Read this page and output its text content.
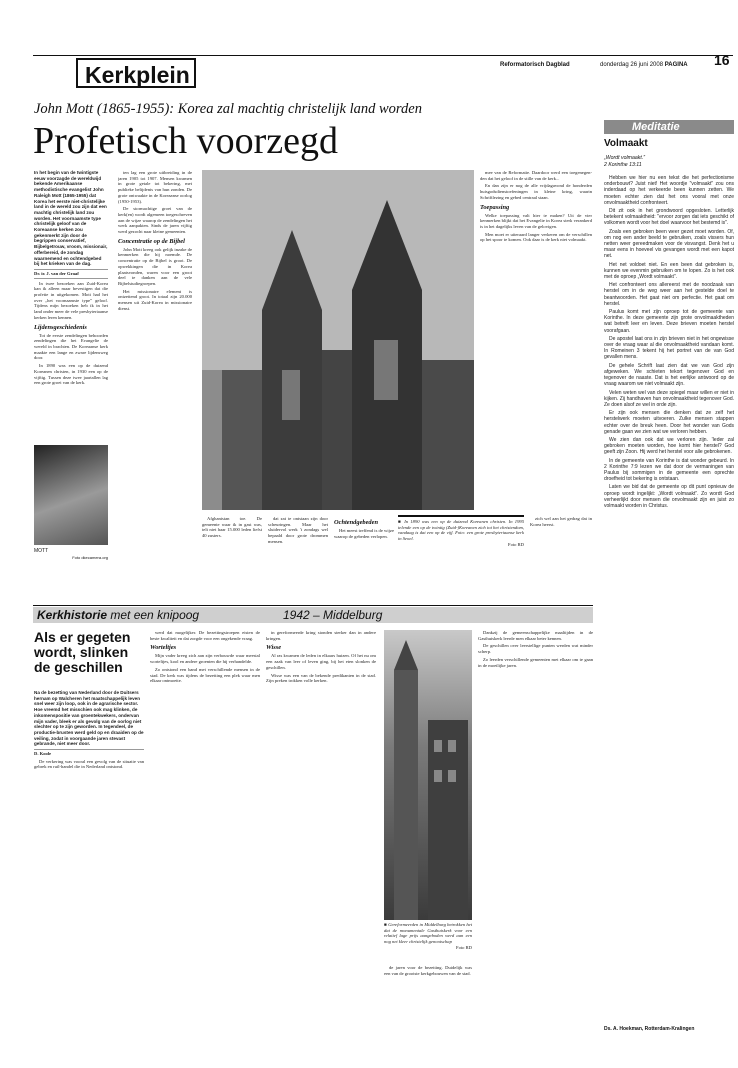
Kerkplein	Reformatorisch Dagblad	donderdag 26 juni 2008 PAGINA 16
John Mott (1865-1955): Korea zal machtig christelijk land worden
Profetisch voorzegd

In het begin van de twintigste eeuw voorzagde de wereldwijd bekende Amerikaanse methodistische evangelist John Raleigh Mott (1865-1955) dat Korea het eerste niet-christelijke land in de wereld zou zijn dat een machtig christelijk land zou worden. Het voornaamste type christelijk geloof van de Koreaanse kerken zou gekenmerkt zijn door de begrippen conservatief, Bijbelgetrouw, vroom, missionair, offerbereid, de zondag waarnemend en ochtendgebed bij het krieken van de dag.

Dr. ir. J. van der Graaf

In twee bezoeken aan Zuid-Korea kan ik alleen maar bevestigen dat die profetie in uitgekomen. Mott had het over „het voornaamste type” geloof. Tijdens mijn bezoeken heb ik in het land onder meer de vele presbyteriaanse kerken leren kennen.

Lijdensgeschiedenis

Tot de eerste zendelingen behoorden zendelingen die het Evangelie de wereld in brachten. De Koreaanse kerk maakte een lange en zware lijdensweg door.

In 1890 was een op de duizend Koreanen christen, in 1930 een op de vijftig. Tussen deze twee jaartallen lag een grote groei van de kerk.

ten lag een grote uitbreiding in de jaren 1905 tot 1907. Mensen kwamen in grote getale tot bekering, met publieke belijdenis van hun zonden. De grote ontwaakte in de Koreaanse oorlog (1950-1953).

De stormachtige groei van de kerk(en) wordt algemeen toegeschreven aan de wijze waarop de zendelingen het werk aanpakten. Sinds de jaren vijftig werd gezocht naar kleine gemeenten.

Concentratie op de Bijbel

John Mott kreeg ook gelijk inzake de kenmerken die hij noemde. De concentratie op de Bijbel is groot. De opwekkingen die in Korea plaatsvonden, waren voor een groot deel te danken aan de vele Bijbelstudiegroepen.

Het missionaire element is ontzettend groot. In totaal zijn 20.000 mensen uit Zuid-Korea in missionaire dienst.

■ In 1890 was een op de duizend Koreanen christen. In 1995 telende een op de twintig (Zuid-)Koreanen zich tot het christendom, vandaag is dat een op de vijf. Foto: een grote presbyteriaanse kerk in Seoel.
Foto RD
MOTT
Foto dkecamera.org

Afghanistan toe. De gemeente waar ik in gast was, telt niet haar 15.000 leden liefst 40 zusters.

dat zat te ontstaan zijn door scheuringen. Maar het sluidervol werk 't zondags wel bepaald door grote drommen mensen.

Ochtendgebeden

Het meest treffend is de wijze waarop de gebeden verlopen.

mee van de Reformatie. Daardoor werd een toegenegenden dat het geloof in de stille van de kerk...

En dan zijn er nog de alle vrijdagavond de honderden huisgodsdienstoefeningen in kleine kring, waarin Schriftlezing en gebed centraal staan.

Toepassing

Welke toepassing valt hier te maken? Uit de vier kenmerken blijkt dat het Evangelie in Korea sterk verankerd is in het dagelijks leven van de gelovigen.

Men moet er uiteraard langer verkeren om de verschillen op het spoor te komen. Ook daar is de kerk niet volmaakt.

zich wel aan het gedrag dat in Korea heerst.

Meditatie
Volmaakt
„Wordt volmaakt.”
2 Korinthe 13:11

Hebben we hier nu een tekst die het perfectionisme onderbouwt? Juist niet! Het woordje "volmaakt" zou ons inderdaad op het verkeerde been kunnen zetten. We moeten echter zien dat het ons vooral met onze onvolmaaktheid confronteert.

Dit zit ook in het grondwoord opgesloten. Letterlijk betekent volmaaktheid: "ervoor zorgen dat iets geschikt of volkomen wordt voor het doel waarvoor het bestemd is".

Zoals een gebroken been weer gezet moet worden. Of, om nog een ander beeld te gebruiken, zoals vissers hun netten weer gereedmaken voor de visvangst. Denk het u maar eens in hoeveel vis gevangen wordt met een kapot net.

Het net voldoet niet. En een been dat gebroken is, kunnen we evenmin gebruiken om te lopen. Zo is het ook met de oproep „Wordt volmaakt”.

Het confronteert ons allereerst met de noodzaak van herstel om in de weg weer aan het gestelde doel te beantwoorden. Het gaat niet om perfectie. Het gaat om herstel.

Paulus komt met zijn oproep tot de gemeente van Korinthe. In deze gemeente zijn grote onvolmaaktheden wat betreft leer en leven. Deze brieven moeten herstel voorafgaan.

De apostel laat ons in zijn brieven niet in het ongewisse over de vraag waar al die onvolmaaktheid vandaan komt. In Romeinen 3 tekent hij het portret van de van God gevallen mens.

De gehele Schrift laat zien dat we van God zijn afgeweken. We schieten tekort tegenover God en tegenover de naaste. Dat is het eerlijke antwoord op de vraag waarom we niet volmaakt zijn.

Velen weten wel van deze spiegel maar willen er niet in kijken. Zij handhaven hun onvolmaaktheid tegenover God. Ze doen alsof ze wel in orde zijn.

Er zijn ook mensen die denken dat ze zelf het herstelwerk moeten uitvoeren. Zulke mensen stappen echter over de breuk heen. Door het wonder van Gods genade gaan we zien wat we verloren hebben.

We zien dan ook dat we verloren zijn. 'Ieder zal gebroken moeten worden, hoe komt hier herstel? God geeft zijn Zoon. Hij werd het herstel voor alle gebrokenen.

In de gemeente van Korinthe is dat wonder gebeurd. In 2 Korinthe 7:9 lezen we dat door de vermaningen van Paulus bij sommigen in de gemeente een oprechte droefheid tot bekering is ontstaan.

Laten we bid dat de gemeente op dit punt opnieuw de oproep wordt ingelijkt: „Wordt volmaakt”. Zo wordt God verheerlijkt door mensen die onvolmaakt zijn en juist zo volmaakt worden in Christus.

Ds. A. Hoekman, Rotterdam-Kralingen
Kerkhistorie met een knipoog	1942 – Middelburg
Als er gegeten wordt, slinken de geschillen

Na de bezetting van Nederland door de Duitsers hernam op Walcheren het maatschappelijk leven snel weer zijn loop, ook in de agrarische sector. Hoe vreemd het misschien ook mag klinken, de inkomenspositie van groentekwekers, ondervan mijn vader, bleek er als gevolg van de oorlog niet slechter op te zijn geworden. In tegendeel, de productie-brusten werd geld op en draaiden op de veiling, zodat in voorgaande jaren stevast gebrande, niet meer door.

D. Koole

De verkering was vooral een gevolg van de situatie van gebrek en ruil-handel die in Nederland ontstond.

werd dat mogelijker. De bezettingstroepen eisten de beste kwaliteit en dat zorgde voor een ongekende vraag.

Worteltjes

Mijn vader kreeg zich aan zijn verbouwde waar meestal worteltjes, kool en andere groenten die hij verhandelde.

Zo ontstond een band met verschillende mensen in de stad. De kerk was tijdens de bezetting een plek waar men elkaar ontmoette.

in gereformeerde kring stonden sterker dan in andere kringen.

Wisse

Al ras kwamen de leden in elkaars huizen. Of het nu om een zaak van leer of leven ging, bij het eten slonken de geschillen.

Wisse was een van de bekende predikanten in de stad. Zijn preken trokken volle kerken.

■ Gereformeerden in Middelburg betrokken het dat de monumentale Gasthuiskerk voor een relatief lage prijs aangeboden werd aan een nog net kleer christelijk genootschap
Foto RD

de jaren voor de bezetting. Duidelijk was een van de grootste kerkgebouwen van de stad.

Dankzij de gemeenschappelijke maaltijden in de Gasthuiskerk leerde men elkaar beter kennen.

De geschillen over leerstellige punten werden wat minder scherp.

Zo leerden verschillende gemeenten met elkaar om te gaan in de moeilijke jaren.
